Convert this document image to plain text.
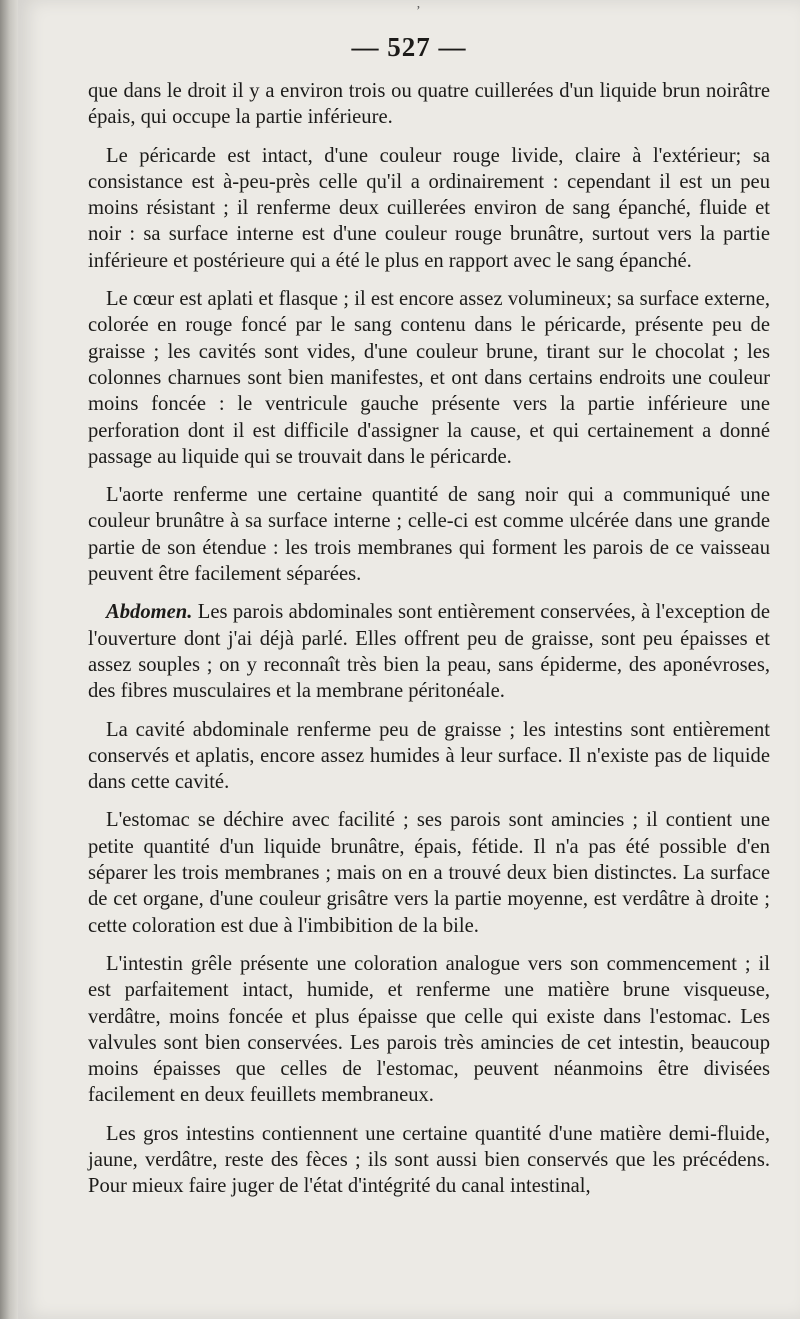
ʼ
— 527 —

que dans le droit il y a environ trois ou quatre cuillerées d'un liquide brun noirâtre épais, qui occupe la partie inférieure.

Le péricarde est intact, d'une couleur rouge livide, claire à l'extérieur; sa consistance est à-peu-près celle qu'il a ordinairement : cependant il est un peu moins résistant ; il renferme deux cuillerées environ de sang épanché, fluide et noir : sa surface interne est d'une couleur rouge brunâtre, surtout vers la partie inférieure et postérieure qui a été le plus en rapport avec le sang épanché.

Le cœur est aplati et flasque ; il est encore assez volumineux; sa surface externe, colorée en rouge foncé par le sang contenu dans le péricarde, présente peu de graisse ; les cavités sont vides, d'une couleur brune, tirant sur le chocolat ; les colonnes charnues sont bien manifestes, et ont dans certains endroits une couleur moins foncée : le ventricule gauche présente vers la partie inférieure une perforation dont il est difficile d'assigner la cause, et qui certainement a donné passage au liquide qui se trouvait dans le péricarde.

L'aorte renferme une certaine quantité de sang noir qui a communiqué une couleur brunâtre à sa surface interne ; celle-ci est comme ulcérée dans une grande partie de son étendue : les trois membranes qui forment les parois de ce vaisseau peuvent être facilement séparées.

Abdomen. Les parois abdominales sont entièrement conservées, à l'exception de l'ouverture dont j'ai déjà parlé. Elles offrent peu de graisse, sont peu épaisses et assez souples ; on y reconnaît très bien la peau, sans épiderme, des aponévroses, des fibres musculaires et la membrane péritonéale.

La cavité abdominale renferme peu de graisse ; les intestins sont entièrement conservés et aplatis, encore assez humides à leur surface. Il n'existe pas de liquide dans cette cavité.

L'estomac se déchire avec facilité ; ses parois sont amincies ; il contient une petite quantité d'un liquide brunâtre, épais, fétide. Il n'a pas été possible d'en séparer les trois membranes ; mais on en a trouvé deux bien distinctes. La surface de cet organe, d'une couleur grisâtre vers la partie moyenne, est verdâtre à droite ; cette coloration est due à l'imbibition de la bile.

L'intestin grêle présente une coloration analogue vers son commencement ; il est parfaitement intact, humide, et renferme une matière brune visqueuse, verdâtre, moins foncée et plus épaisse que celle qui existe dans l'estomac. Les valvules sont bien conservées. Les parois très amincies de cet intestin, beaucoup moins épaisses que celles de l'estomac, peuvent néanmoins être divisées facilement en deux feuillets membraneux.

Les gros intestins contiennent une certaine quantité d'une matière demi-fluide, jaune, verdâtre, reste des fèces ; ils sont aussi bien conservés que les précédens. Pour mieux faire juger de l'état d'intégrité du canal intestinal,
